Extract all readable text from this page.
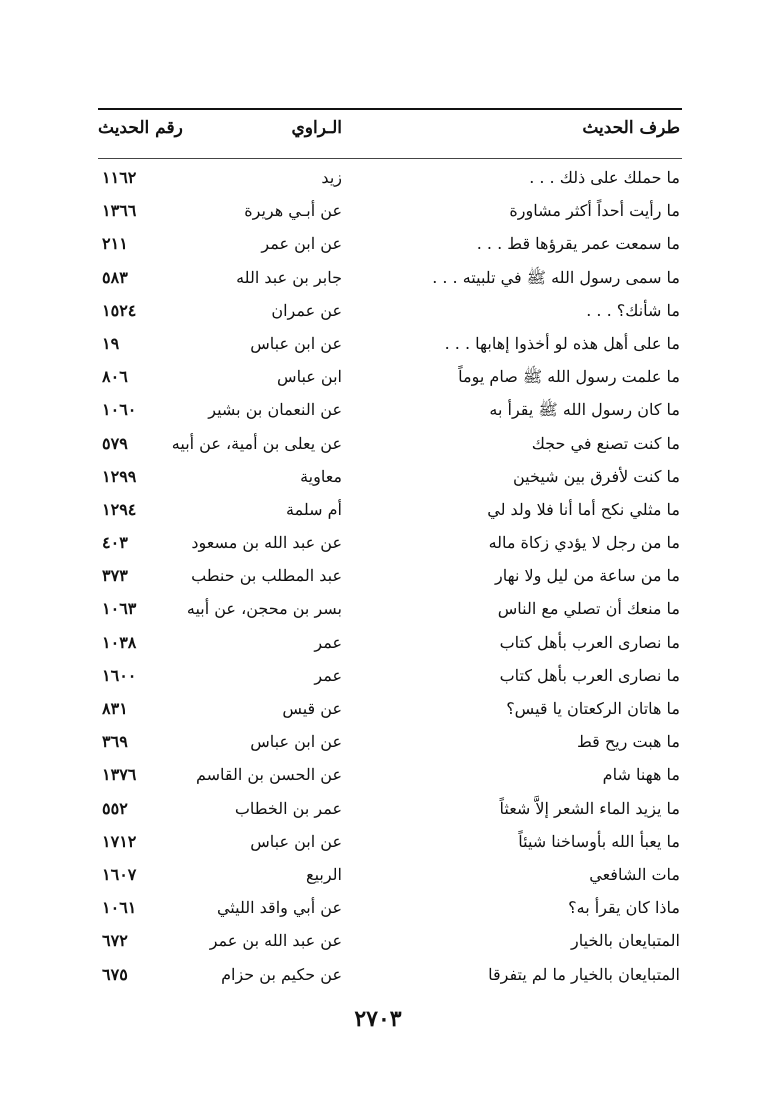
طرف الحديث
الـراوي
رقم الحديث
ما حملك على ذلك . . .
زيد
١١٦٢
ما رأيت أحداً أكثر مشاورة
عن أبـي هريرة
١٣٦٦
ما سمعت عمر يقرؤها قط . . .
عن ابن عمر
٢١١
ما سمى رسول الله ﷺ في تلبيته . . .
جابر بن عبد الله
٥٨٣
ما شأنك؟ . . .
عن عمران
١٥٢٤
ما على أهل هذه لو أخذوا إهابها . . .
عن ابن عباس
١٩
ما علمت رسول الله ﷺ صام يوماً
ابن عباس
٨٠٦
ما كان رسول الله ﷺ يقرأ به
عن النعمان بن بشير
١٠٦٠
ما كنت تصنع في حجك
عن يعلى بن أمية، عن أبيه
٥٧٩
ما كنت لأفرق بين شيخين
معاوية
١٢٩٩
ما مثلي نكح أما أنا فلا ولد لي
أم سلمة
١٢٩٤
ما من رجل لا يؤدي زكاة ماله
عن عبد الله بن مسعود
٤٠٣
ما من ساعة من ليل ولا نهار
عبد المطلب بن حنطب
٣٧٣
ما منعك أن تصلي مع الناس
بسر بن محجن، عن أبيه
١٠٦٣
ما نصارى العرب بأهل كتاب
عمر
١٠٣٨
ما نصارى العرب بأهل كتاب
عمر
١٦٠٠
ما هاتان الركعتان يا قيس؟
عن قيس
٨٣١
ما هبت ريح قط
عن ابن عباس
٣٦٩
ما ههنا شام
عن الحسن بن القاسم
١٣٧٦
ما يزيد الماء الشعر إلاَّ شعثاً
عمر بن الخطاب
٥٥٢
ما يعبأ الله بأوساخنا شيئاً
عن ابن عباس
١٧١٢
مات الشافعي
الربيع
١٦٠٧
ماذا كان يقرأ به؟
عن أبي واقد الليثي
١٠٦١
المتبايعان بالخيار
عن عبد الله بن عمر
٦٧٢
المتبايعان بالخيار ما لم يتفرقا
عن حكيم بن حزام
٦٧٥
٢٧٠٣
